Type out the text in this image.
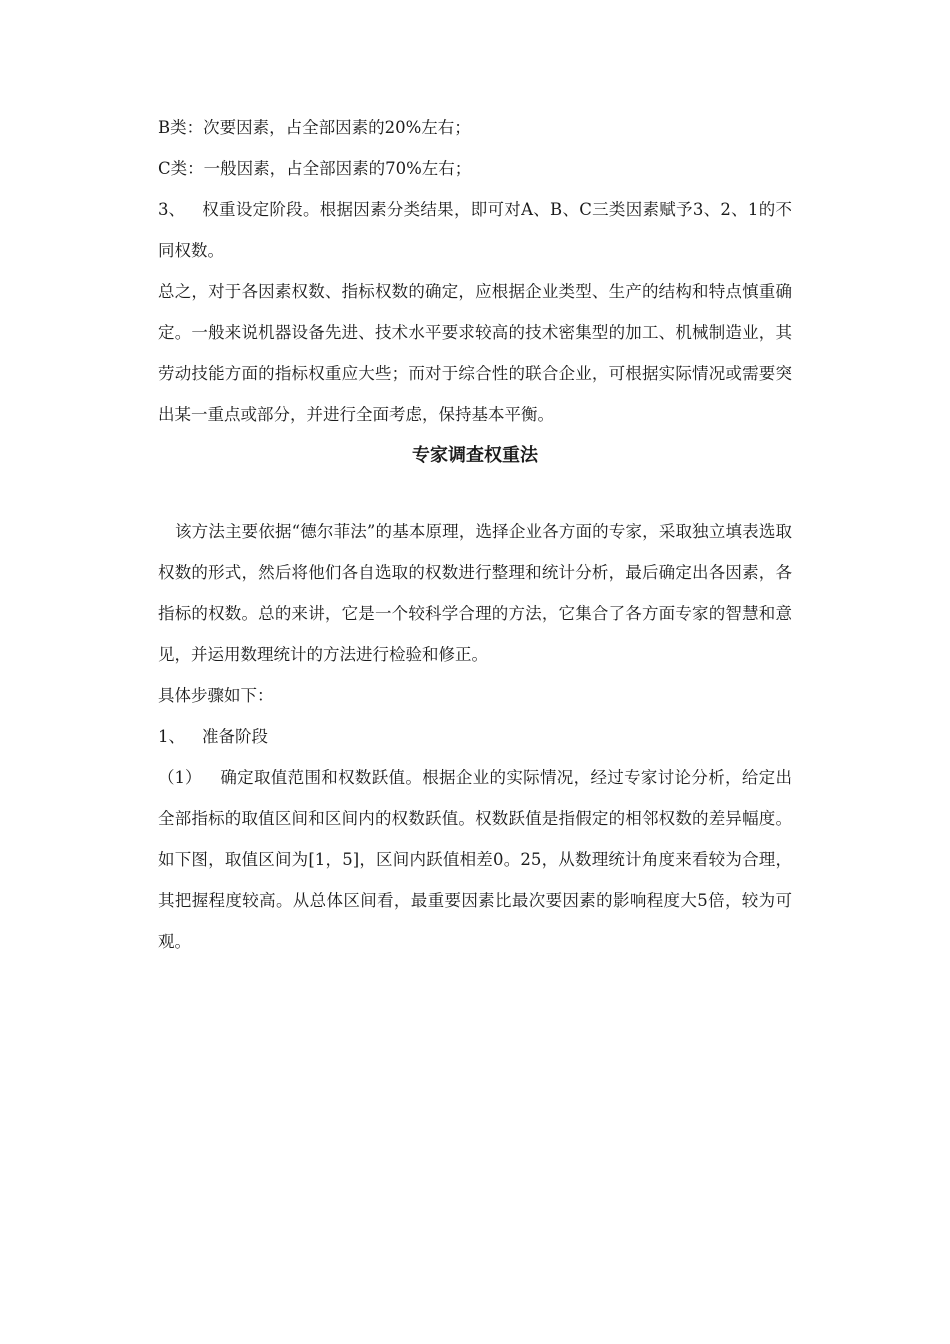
B类：次要因素，占全部因素的20%左右；

C类：一般因素，占全部因素的70%左右；

3、 权重设定阶段。根据因素分类结果，即可对A、B、C三类因素赋予3、2、1的不同权数。

总之，对于各因素权数、指标权数的确定，应根据企业类型、生产的结构和特点慎重确定。一般来说机器设备先进、技术水平要求较高的技术密集型的加工、机械制造业，其劳动技能方面的指标权重应大些；而对于综合性的联合企业，可根据实际情况或需要突出某一重点或部分，并进行全面考虑，保持基本平衡。

专家调查权重法

该方法主要依据“德尔菲法”的基本原理，选择企业各方面的专家，采取独立填表选取权数的形式，然后将他们各自选取的权数进行整理和统计分析，最后确定出各因素，各指标的权数。总的来讲，它是一个较科学合理的方法，它集合了各方面专家的智慧和意见，并运用数理统计的方法进行检验和修正。

具体步骤如下：

1、 准备阶段

（1） 确定取值范围和权数跃值。根据企业的实际情况，经过专家讨论分析，给定出全部指标的取值区间和区间内的权数跃值。权数跃值是指假定的相邻权数的差异幅度。如下图，取值区间为[1，5]，区间内跃值相差0。25，从数理统计角度来看较为合理，其把握程度较高。从总体区间看，最重要因素比最次要因素的影响程度大5倍，较为可观。
